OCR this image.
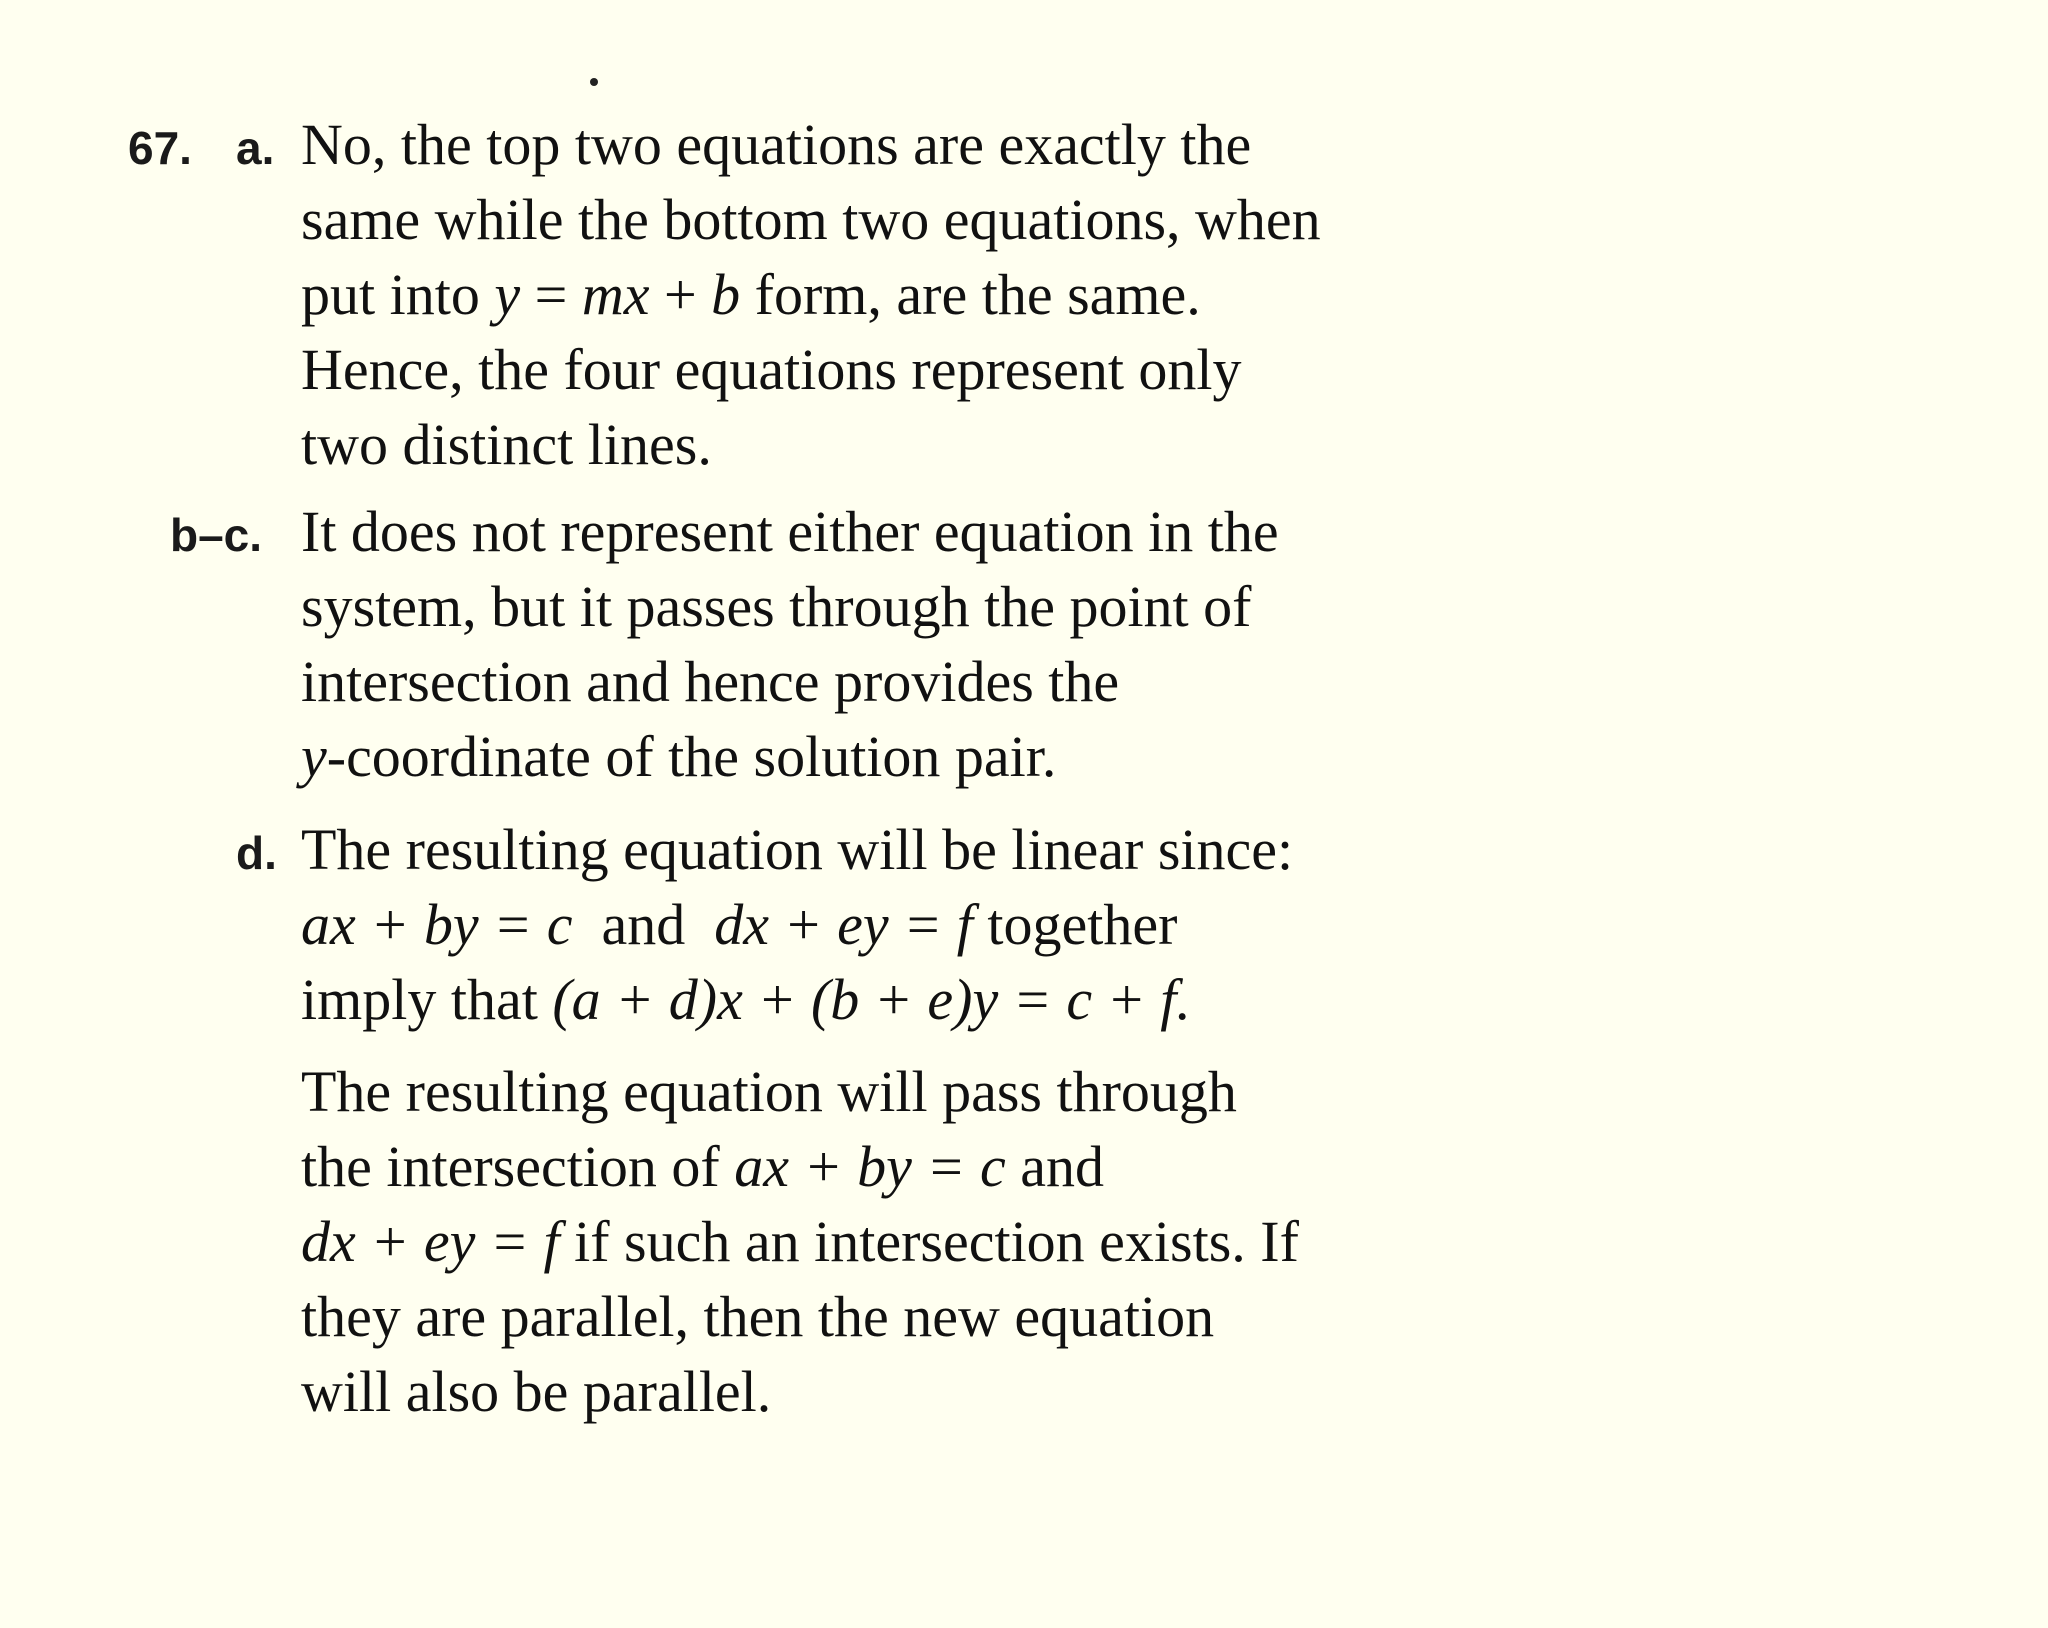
67. a. No, the top two equations are exactly the
same while the bottom two equations, when
put into y = mx + b form, are the same.
Hence, the four equations represent only
two distinct lines.
b–c. It does not represent either equation in the
system, but it passes through the point of
intersection and hence provides the
y-coordinate of the solution pair.
d. The resulting equation will be linear since:
ax + by = c and dx + ey = f together
imply that (a + d)x + (b + e)y = c + f.
The resulting equation will pass through
the intersection of ax + by = c and
dx + ey = f if such an intersection exists. If
they are parallel, then the new equation
will also be parallel.
